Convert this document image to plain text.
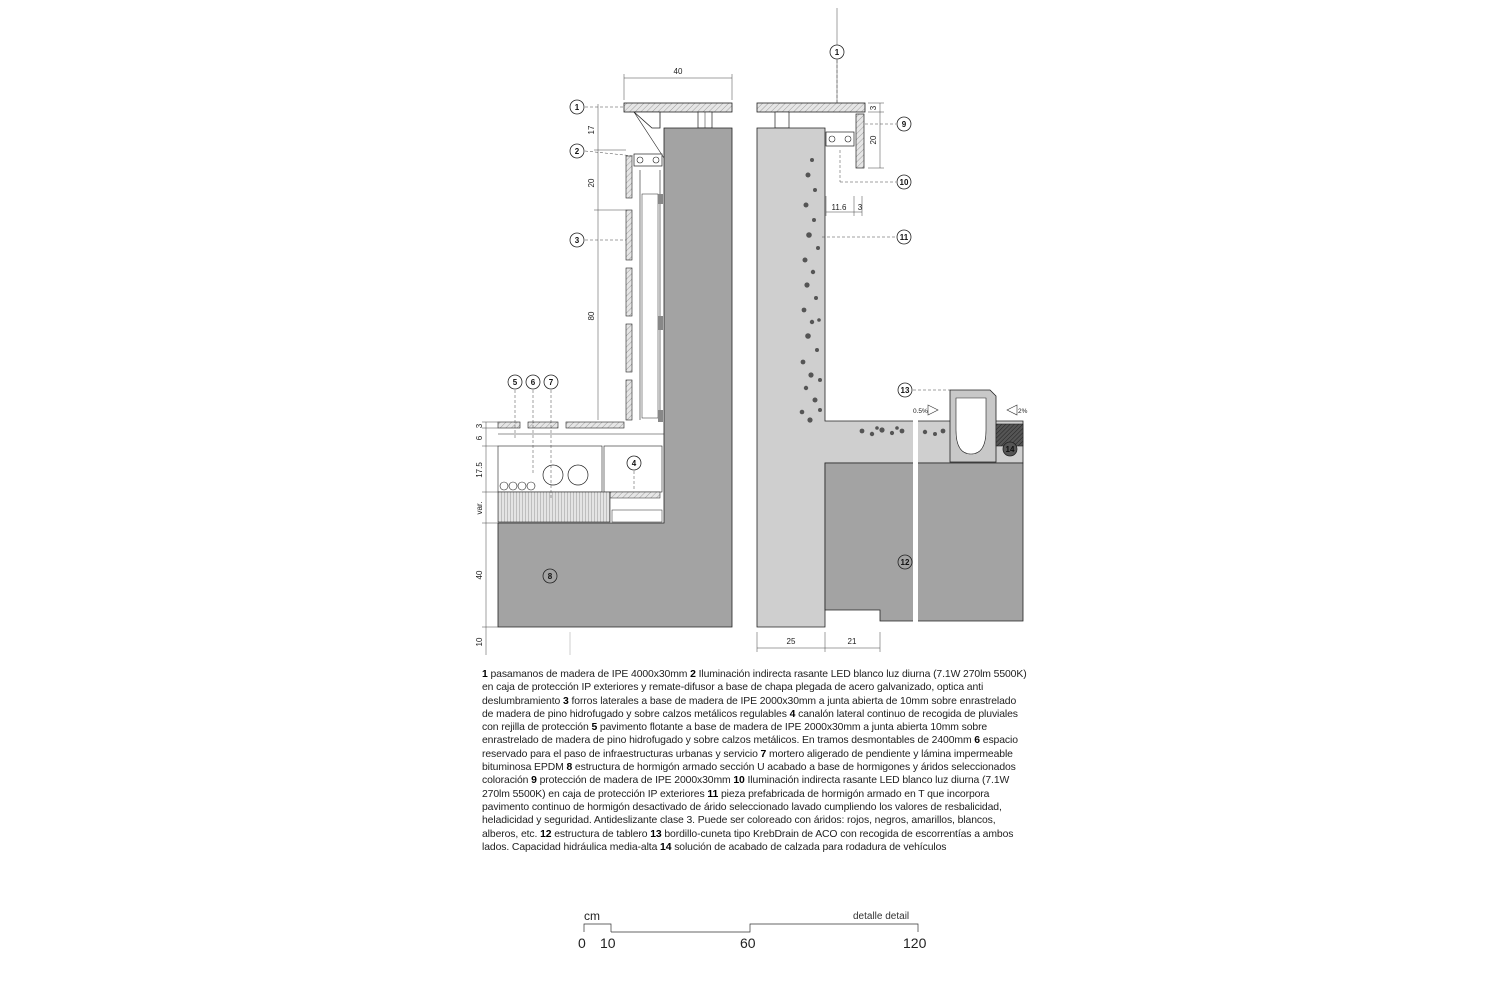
1
2
3
5 6 7
4
8
1
9
10
11
13
12
14
40
17
20
80
3
6
17.5
var.
40
10
3
20
11.6 3
25	21
0.5%	2%
1 pasamanos de madera de IPE 4000x30mm 2 Iluminación indirecta rasante LED blanco luz diurna (7.1W 270lm 5500K) en caja de protección IP exteriores y remate-difusor a base de chapa plegada de acero galvanizado, optica anti deslumbramiento 3 forros laterales a base de madera de IPE 2000x30mm a junta abierta de 10mm sobre enrastrelado de madera de pino hidrofugado y sobre calzos metálicos regulables 4 canalón lateral continuo de recogida de pluviales con rejilla de protección 5 pavimento flotante a base de madera de IPE 2000x30mm a junta abierta 10mm sobre enrastrelado de madera de pino hidrofugado y sobre calzos metálicos. En tramos desmontables de 2400mm 6 espacio reservado para el paso de infraestructuras urbanas y servicio 7 mortero aligerado de pendiente y lámina impermeable bituminosa EPDM 8 estructura de hormigón armado sección U acabado a base de hormigones y áridos seleccionados coloración 9 protección de madera de IPE 2000x30mm 10 Iluminación indirecta rasante LED blanco luz diurna (7.1W 270lm 5500K) en caja de protección IP exteriores 11 pieza prefabricada de hormigón armado en T que incorpora pavimento continuo de hormigón desactivado de árido seleccionado lavado cumpliendo los valores de resbalicidad, heladicidad y seguridad. Antideslizante clase 3. Puede ser coloreado con áridos: rojos, negros, amarillos, blancos, alberos, etc. 12 estructura de tablero 13 bordillo-cuneta tipo KrebDrain de ACO con recogida de escorrentías a ambos lados. Capacidad hidráulica media-alta 14 solución de acabado de calzada para rodadura de vehículos
cm	detalle detail
0 10	60	120
